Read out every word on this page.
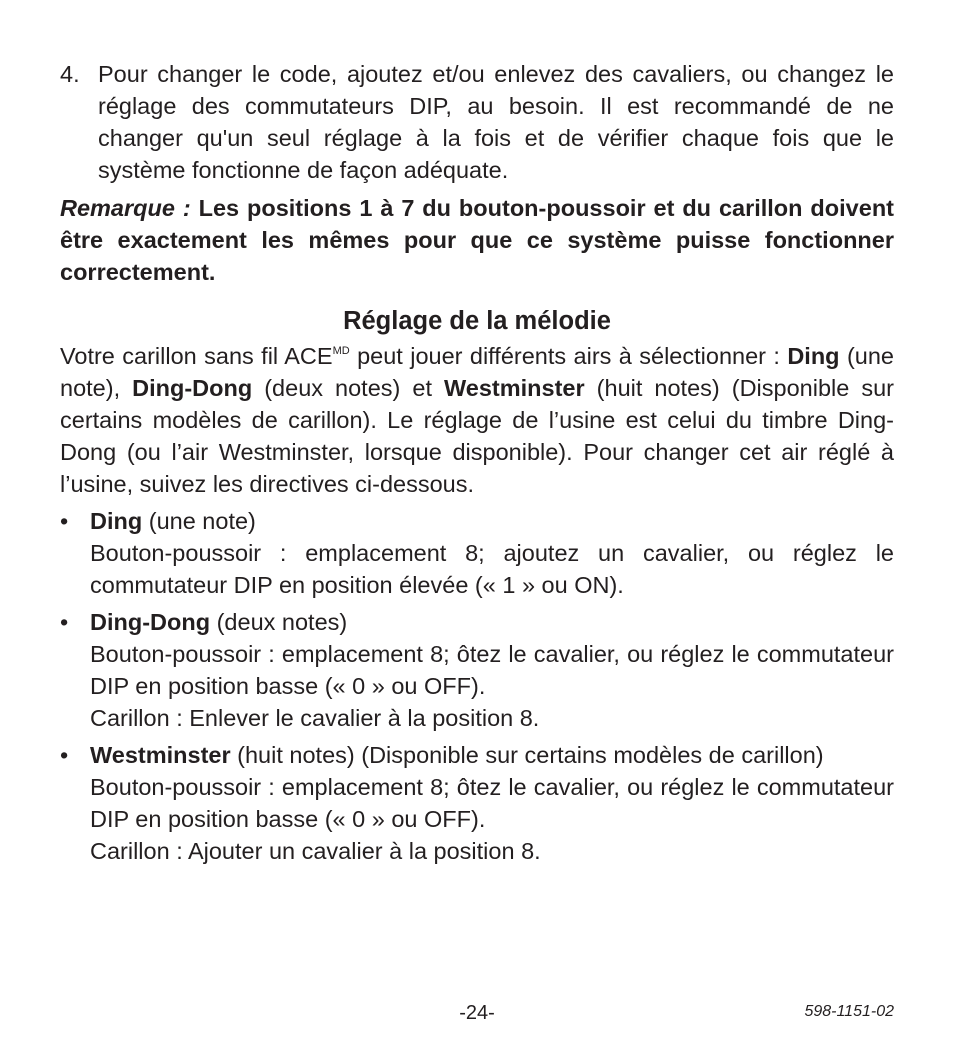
4. Pour changer le code, ajoutez et/ou enlevez des cavaliers, ou changez le réglage des commutateurs DIP, au besoin. Il est recommandé de ne changer qu'un seul réglage à la fois et de vérifier chaque fois que le système fonctionne de façon adéquate.
Remarque : Les positions 1 à 7 du bouton-poussoir et du carillon doivent être exactement les mêmes pour que ce système puisse fonctionner correctement.
Réglage de la mélodie

Votre carillon sans fil $ACE^{MD}$ peut jouer différents airs à sélectionner : Ding (une note), Ding-Dong (deux notes) et Westminster (huit notes) (Disponible sur certains modèles de carillon). Le réglage de l’usine est celui du timbre Ding-Dong (ou l’air Westminster, lorsque disponible). Pour changer cet air réglé à l’usine, suivez les directives ci-dessous.

• Ding (une note)
Bouton-poussoir : emplacement 8; ajoutez un cavalier, ou réglez le commutateur DIP en position élevée (« 1 » ou ON).
• Ding-Dong (deux notes)
Bouton-poussoir : emplacement 8; ôtez le cavalier, ou réglez le commutateur DIP en position basse (« 0 » ou OFF).
Carillon : Enlever le cavalier à la position 8.
• Westminster (huit notes) (Disponible sur certains modèles de carillon)
Bouton-poussoir : emplacement 8; ôtez le cavalier, ou réglez le commutateur DIP en position basse (« 0 » ou OFF).
Carillon : Ajouter un cavalier à la position 8.
-24-	598-1151-02
